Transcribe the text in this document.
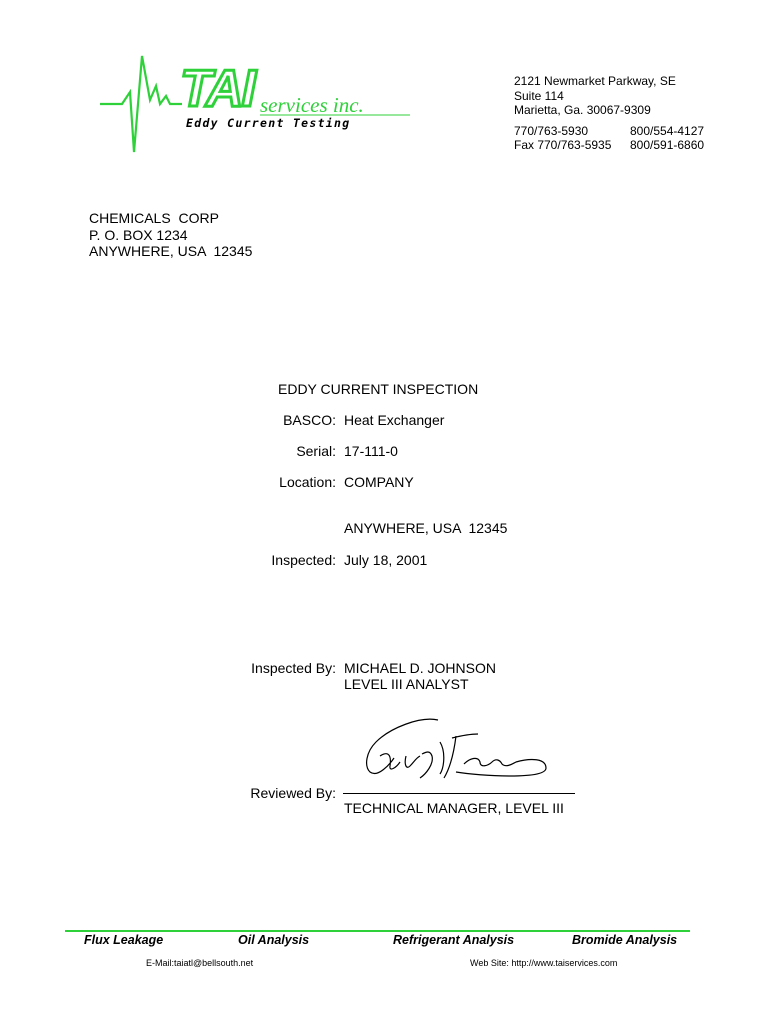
TAI services inc.
Eddy Current Testing
2121 Newmarket Parkway, SE
Suite 114
Marietta, Ga. 30067-9309
770/763-5930	800/554-4127
Fax 770/763-5935	800/591-6860
CHEMICALS  CORP
P. O. BOX 1234
ANYWHERE, USA  12345
EDDY CURRENT INSPECTION
BASCO: Heat Exchanger
Serial: 17-111-0
Location: COMPANY
ANYWHERE, USA  12345
Inspected: July 18, 2001
Inspected By: MICHAEL D. JOHNSON
LEVEL III ANALYST
Reviewed By:
TECHNICAL MANAGER, LEVEL III
Flux Leakage	Oil Analysis	Refrigerant Analysis	Bromide Analysis
E-Mail:taiatl@bellsouth.net	Web Site: http://www.taiservices.com
